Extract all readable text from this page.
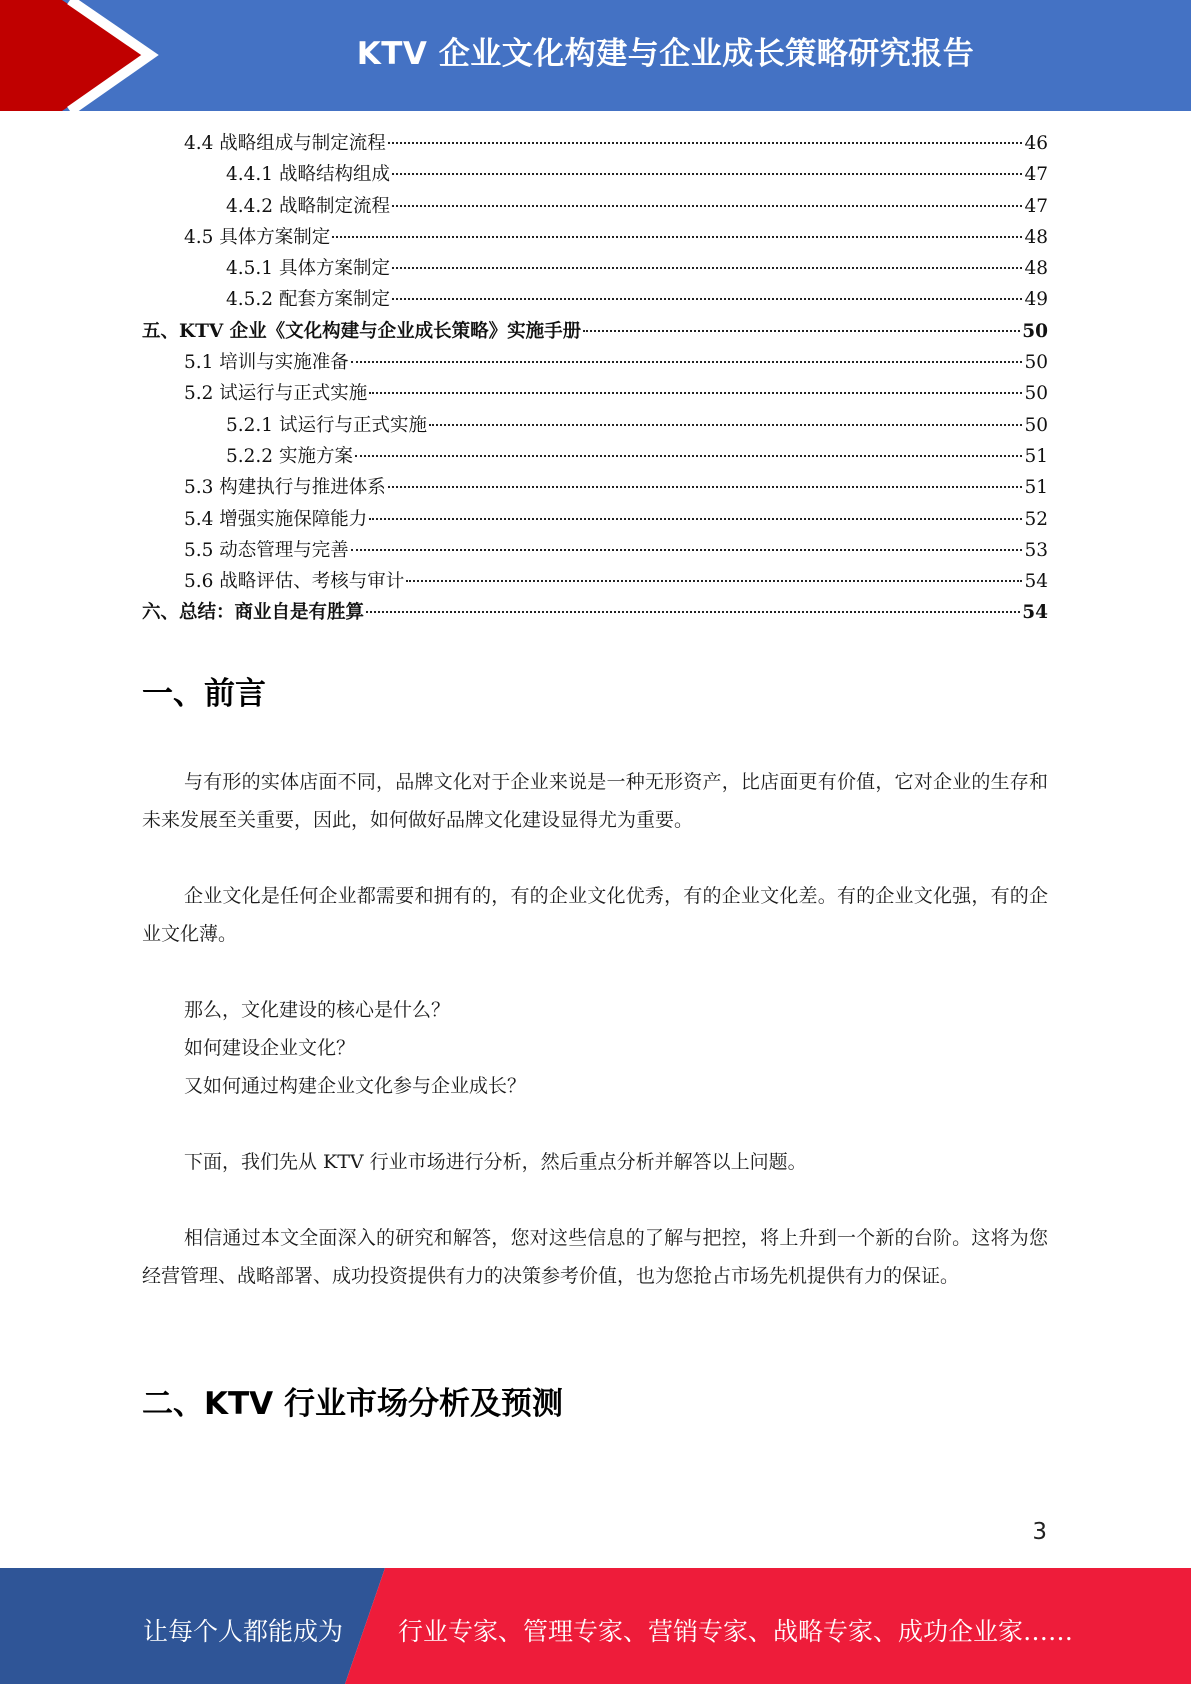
KTV 企业文化构建与企业成长策略研究报告
4.4 战略组成与制定流程	46
4.4.1 战略结构组成	47
4.4.2 战略制定流程	47
4.5 具体方案制定	48
4.5.1 具体方案制定	48
4.5.2 配套方案制定	49
五、KTV 企业《文化构建与企业成长策略》实施手册	50
5.1 培训与实施准备	50
5.2 试运行与正式实施	50
5.2.1 试运行与正式实施	50
5.2.2 实施方案	51
5.3 构建执行与推进体系	51
5.4 增强实施保障能力	52
5.5 动态管理与完善	53
5.6 战略评估、考核与审计	54
六、总结：商业自是有胜算	54
一、前言
与有形的实体店面不同，品牌文化对于企业来说是一种无形资产，比店面更有价值，它对企业的生存和未来发展至关重要，因此，如何做好品牌文化建设显得尤为重要。
企业文化是任何企业都需要和拥有的，有的企业文化优秀，有的企业文化差。有的企业文化强，有的企业文化薄。
那么，文化建设的核心是什么？
如何建设企业文化？
又如何通过构建企业文化参与企业成长？
下面，我们先从 KTV 行业市场进行分析，然后重点分析并解答以上问题。
相信通过本文全面深入的研究和解答，您对这些信息的了解与把控，将上升到一个新的台阶。这将为您经营管理、战略部署、成功投资提供有力的决策参考价值，也为您抢占市场先机提供有力的保证。
二、KTV 行业市场分析及预测
3
让每个人都能成为 行业专家、管理专家、营销专家、战略专家、成功企业家……
